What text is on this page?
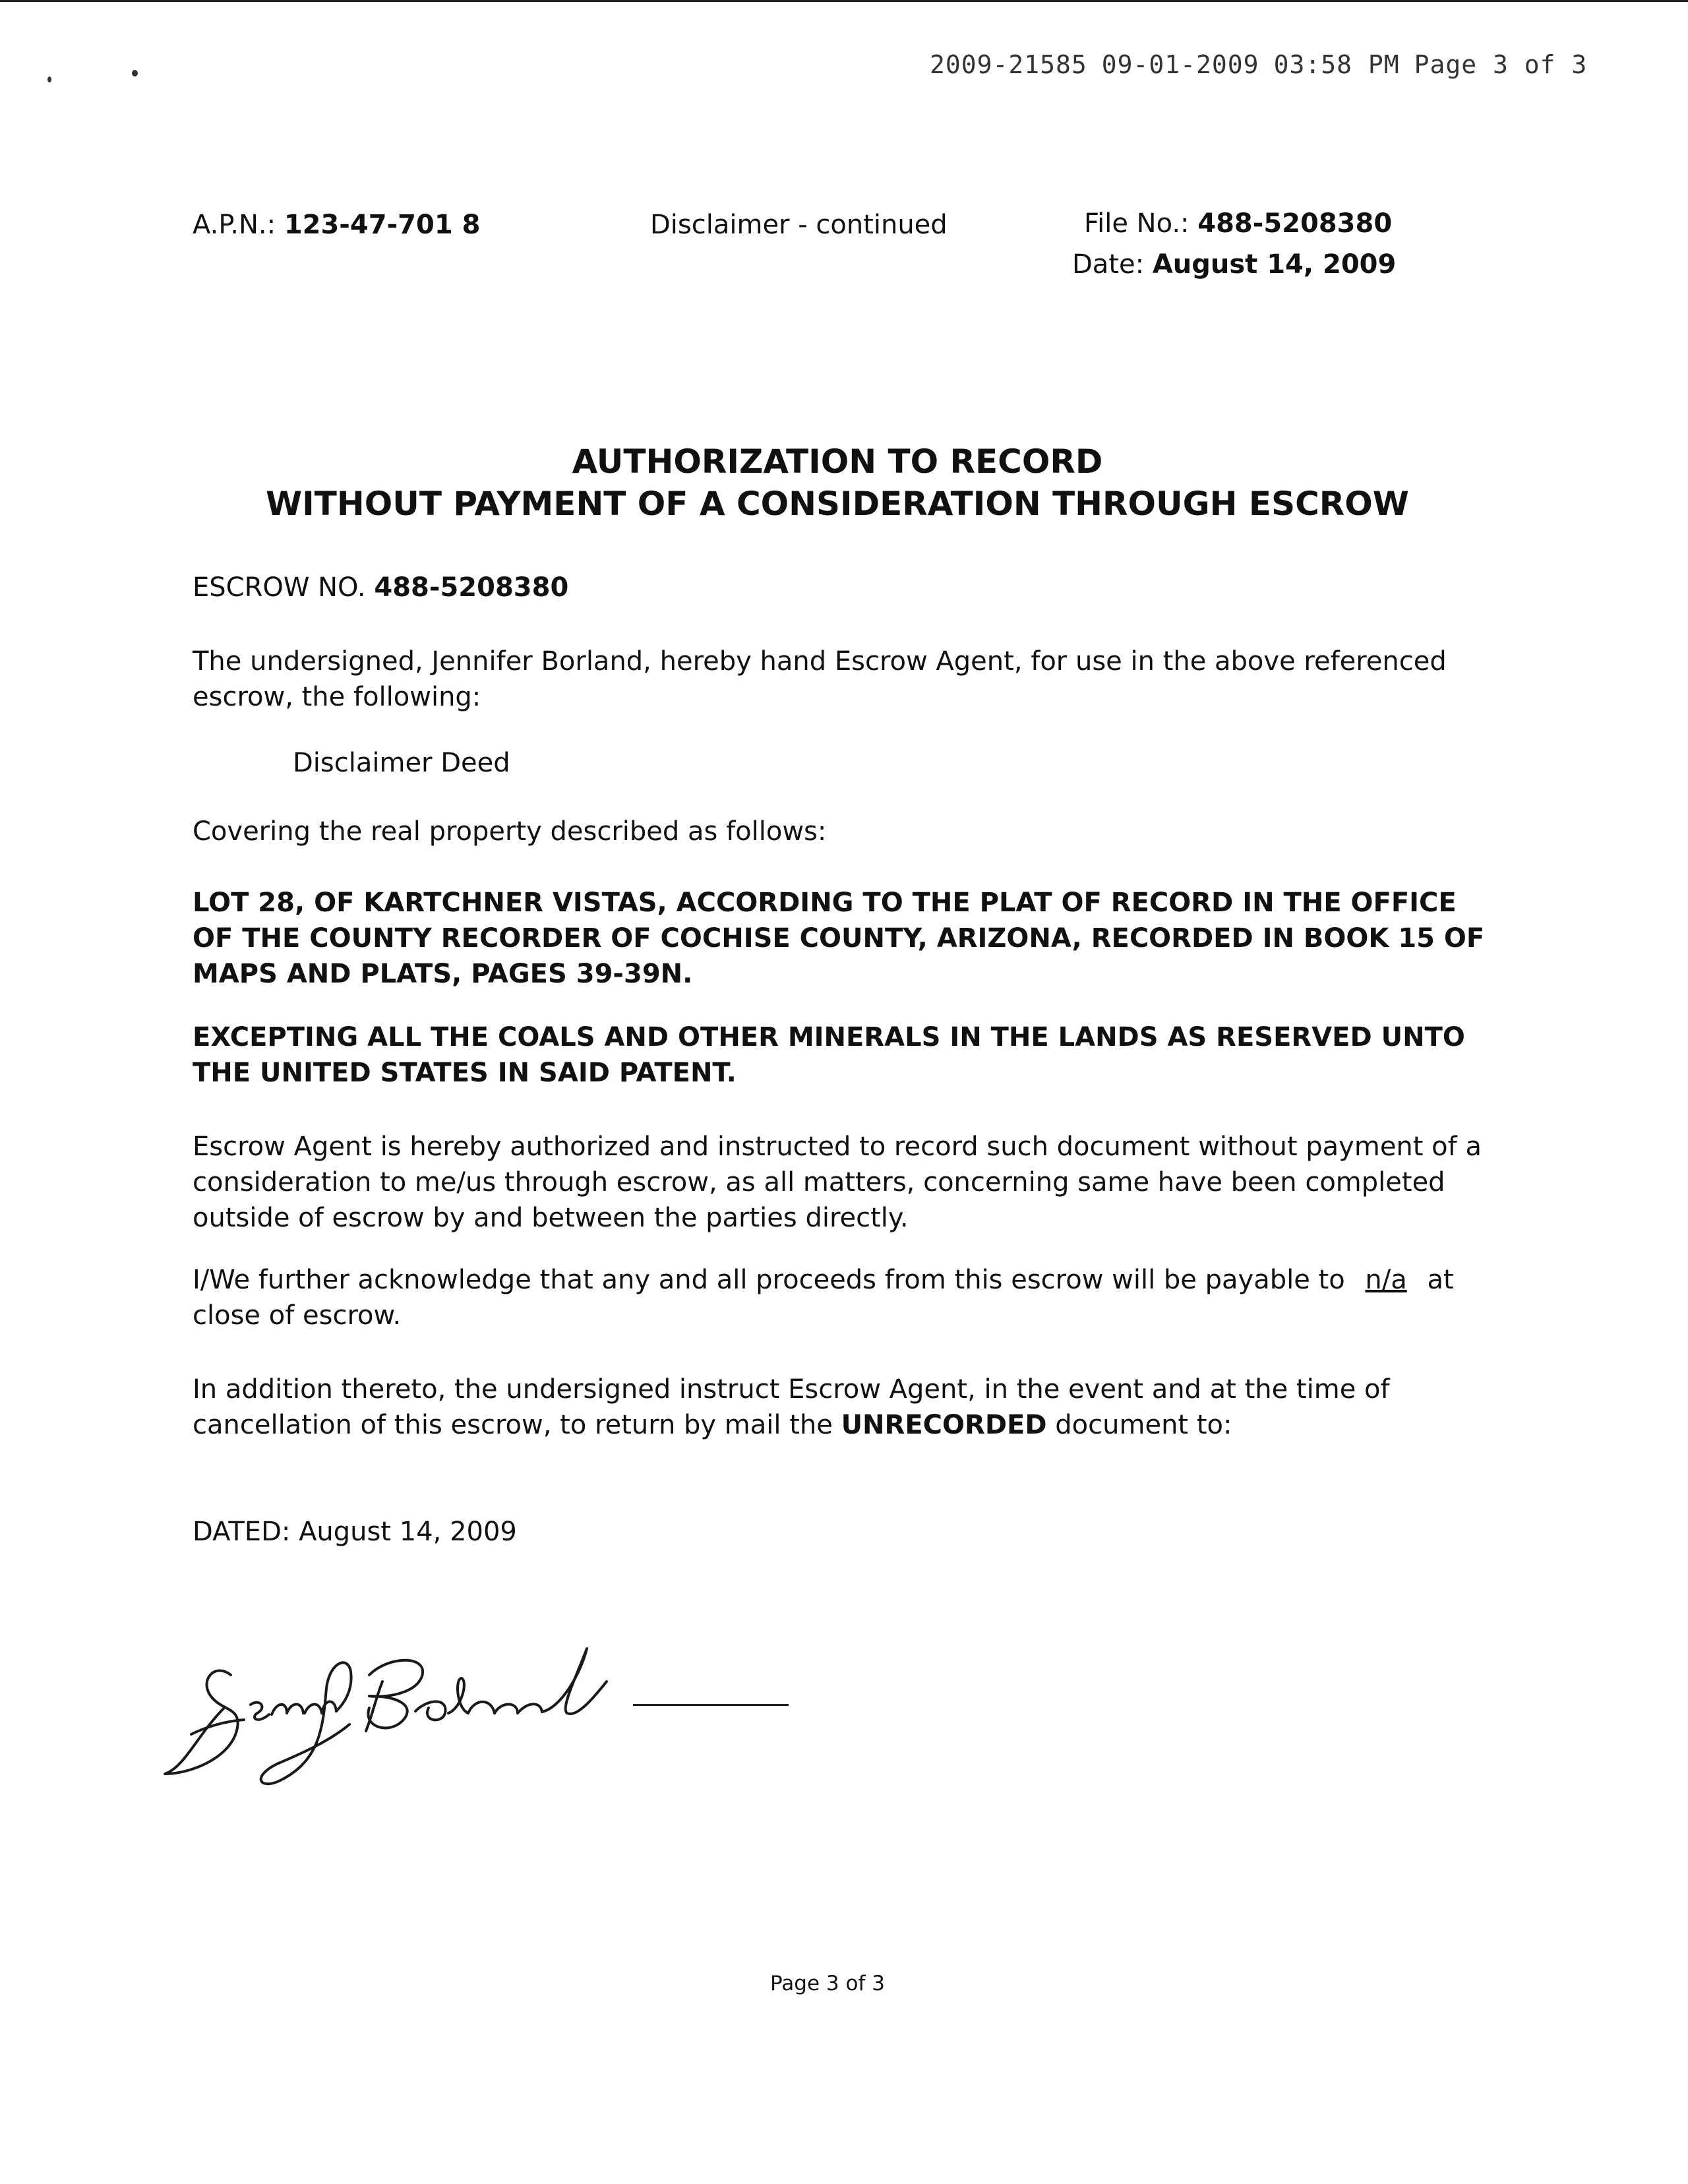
2009-21585 09-01-2009 03:58 PM Page 3 of 3
A.P.N.: 123-47-701 8	Disclaimer - continued	File No.: 488-5208380
Date: August 14, 2009
AUTHORIZATION TO RECORD
WITHOUT PAYMENT OF A CONSIDERATION THROUGH ESCROW
ESCROW NO. 488-5208380
The undersigned, Jennifer Borland, hereby hand Escrow Agent, for use in the above referenced escrow, the following:
Disclaimer Deed
Covering the real property described as follows:
LOT 28, OF KARTCHNER VISTAS, ACCORDING TO THE PLAT OF RECORD IN THE OFFICE OF THE COUNTY RECORDER OF COCHISE COUNTY, ARIZONA, RECORDED IN BOOK 15 OF MAPS AND PLATS, PAGES 39-39N.
EXCEPTING ALL THE COALS AND OTHER MINERALS IN THE LANDS AS RESERVED UNTO THE UNITED STATES IN SAID PATENT.
Escrow Agent is hereby authorized and instructed to record such document without payment of a consideration to me/us through escrow, as all matters, concerning same have been completed outside of escrow by and between the parties directly.
I/We further acknowledge that any and all proceeds from this escrow will be payable to n/a at close of escrow.
In addition thereto, the undersigned instruct Escrow Agent, in the event and at the time of cancellation of this escrow, to return by mail the UNRECORDED document to:
DATED: August 14, 2009
Page 3 of 3
